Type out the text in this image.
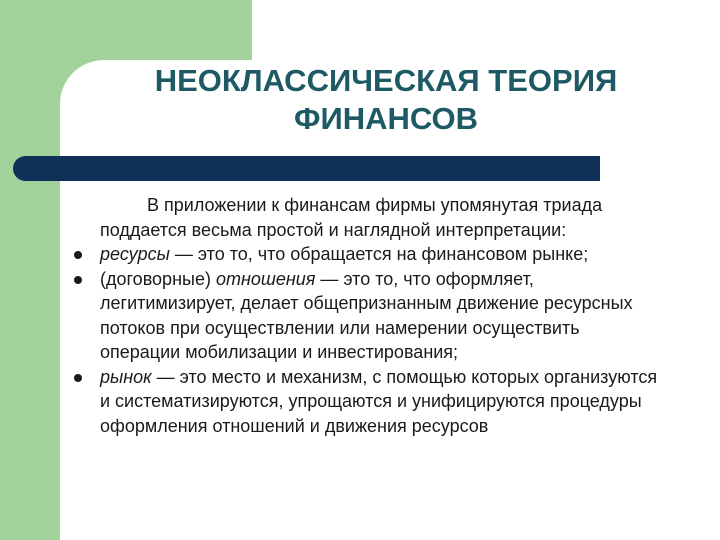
НЕОКЛАССИЧЕСКАЯ ТЕОРИЯ
ФИНАНСОВ

В приложении к финансам фирмы упомянутая триада поддается весьма простой и наглядной интерпретации:

ресурсы — это то, что обращается на финансовом рынке;
(договорные) отношения — это то, что оформляет, легитимизирует, делает общепризнанным движение ресурсных потоков при осуществлении или намерении осуществить операции мобилизации и инвестирования;
рынок — это место и механизм, с помощью которых организуются и систематизируются, упрощаются и унифицируются процедуры оформления отношений и движения ресурсов
